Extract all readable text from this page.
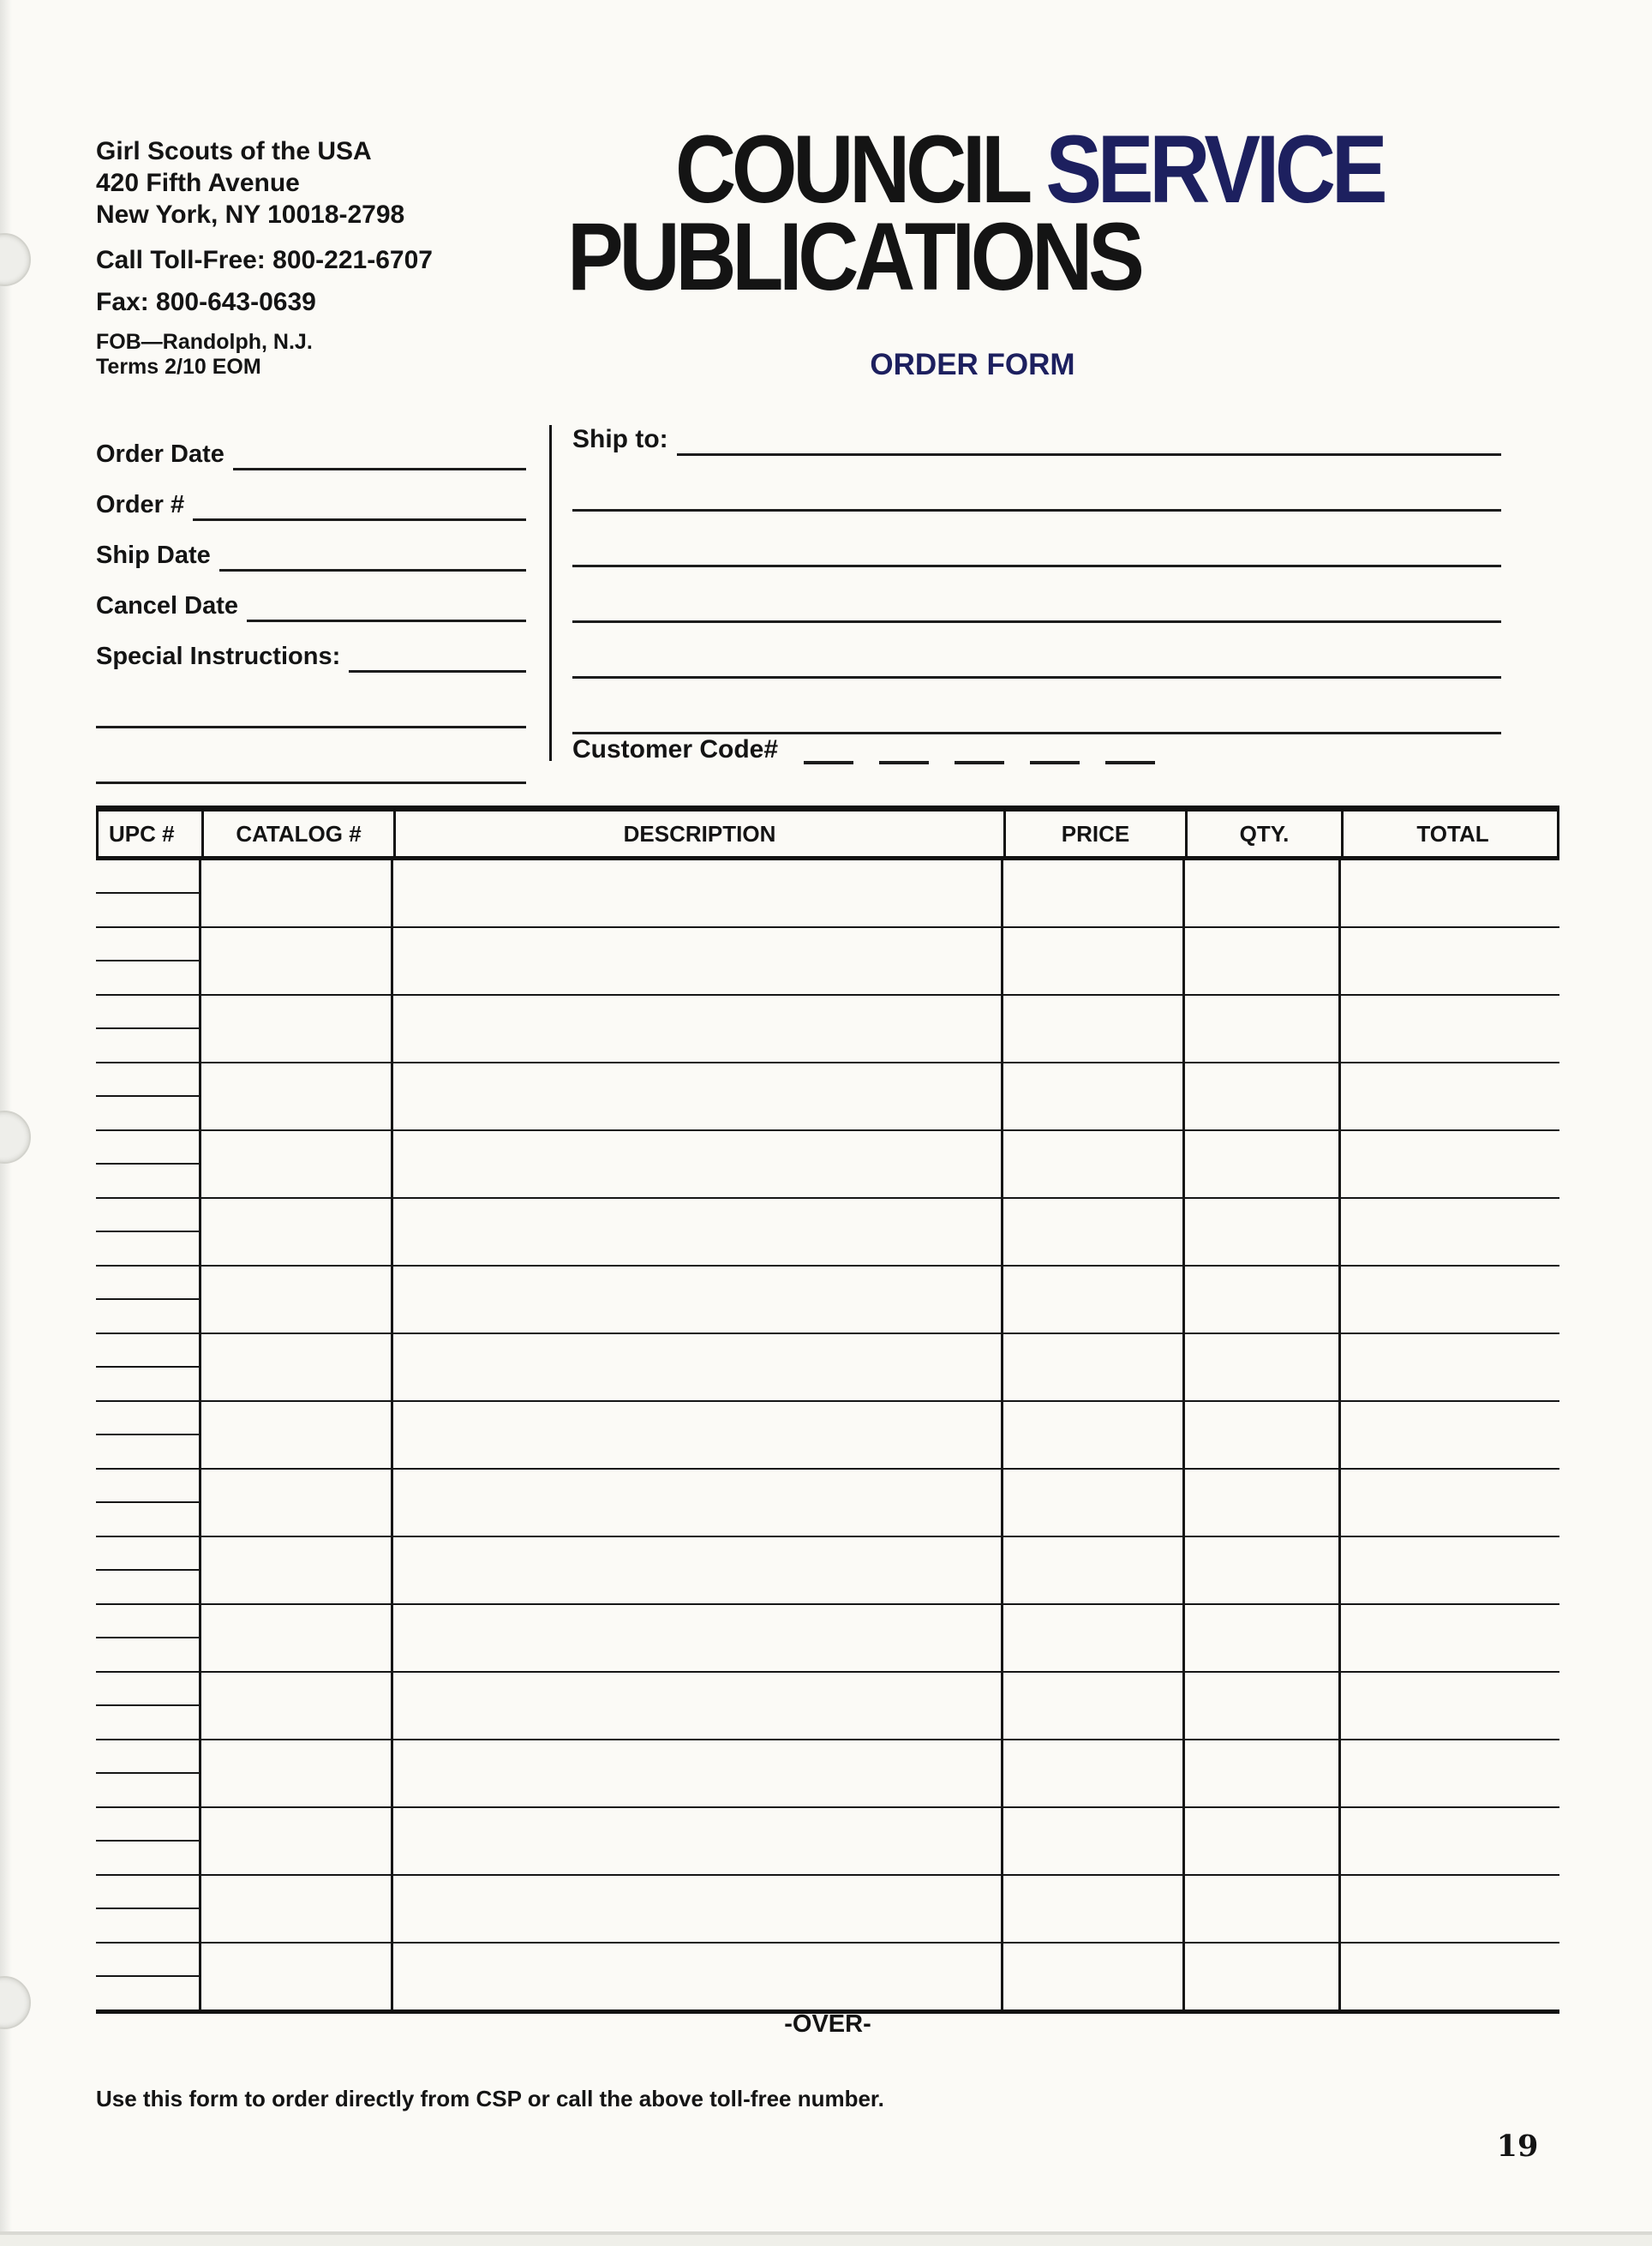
Girl Scouts of the USA
420 Fifth Avenue
New York, NY 10018-2798
Call Toll-Free: 800-221-6707
Fax: 800-643-0639
FOB—Randolph, N.J.
Terms 2/10 EOM
COUNCIL SERVICE
PUBLICATIONS
ORDER FORM
Order Date
Order #
Ship Date
Cancel Date
Special Instructions:
Ship to:
Customer Code#
UPC #	CATALOG #	DESCRIPTION	PRICE	QTY.	TOTAL
-OVER-
Use this form to order directly from CSP or call the above toll-free number.
19
